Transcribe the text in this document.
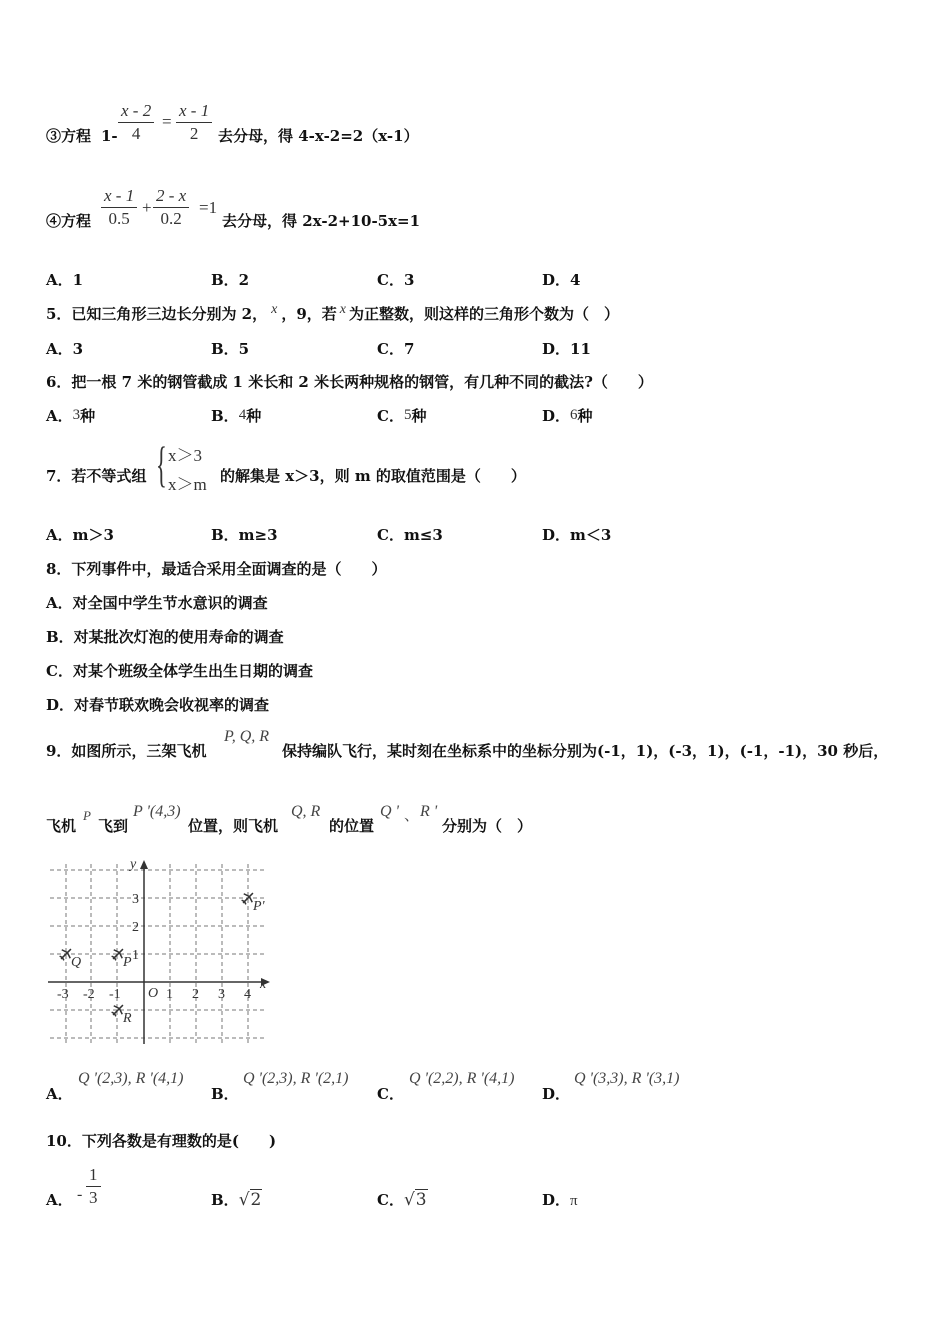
③方程 $1- \frac{x - 2}{4} = \frac{x - 1}{2}$ 去分母，得 4-x-2=2（x-1）
④方程 $\frac{x - 1}{0.5} + \frac{2 - x}{0.2} =1$
去分母，得 2x-2+10-5x=1
A．1	B．2	C．3	D．4
5．已知三角形三边长分别为 2， x ，9，若 x 为正整数，则这样的三角形个数为（　）
A．3	B．5	C．7	D．11
6．把一根 7 米的钢管截成 1 米长和 2 米长两种规格的钢管，有几种不同的截法?（　　）
A．3种	B．4种	C．5种	D．6种
7．若不等式组 { x＞3
x＞m 的解集是 x＞3，则 m 的取值范围是（　　）
A．m＞3	B．m≥3	C．m≤3	D．m＜3
8．下列事件中，最适合采用全面调查的是（　　）
A．对全国中学生节水意识的调查
B．对某批次灯泡的使用寿命的调查
C．对某个班级全体学生出生日期的调查
D．对春节联欢晚会收视率的调查
9．如图所示，三架飞机
P, Q, R
保持编队飞行，某时刻在坐标系中的坐标分别为(-1，1)，(-3，1)，(-1，-1)，30 秒后，
飞机
P
飞到
P '(4,3)
位置，则飞机
Q, R
的位置
Q ' 、 R '
分别为（　）
-3 -2 -1	1 2 3 4
3
2
1
O
x
y
Q	P
R
P'
A．
Q '(2,3), R '(4,1)
B．
Q '(2,3), R '(2,1)
C．
Q '(2,2), R '(4,1)
D．
Q '(3,3), R '(3,1)
10．下列各数是有理数的是(　　)
A． - $\frac{1}{3}$	B．√2	C．√3	D．π
